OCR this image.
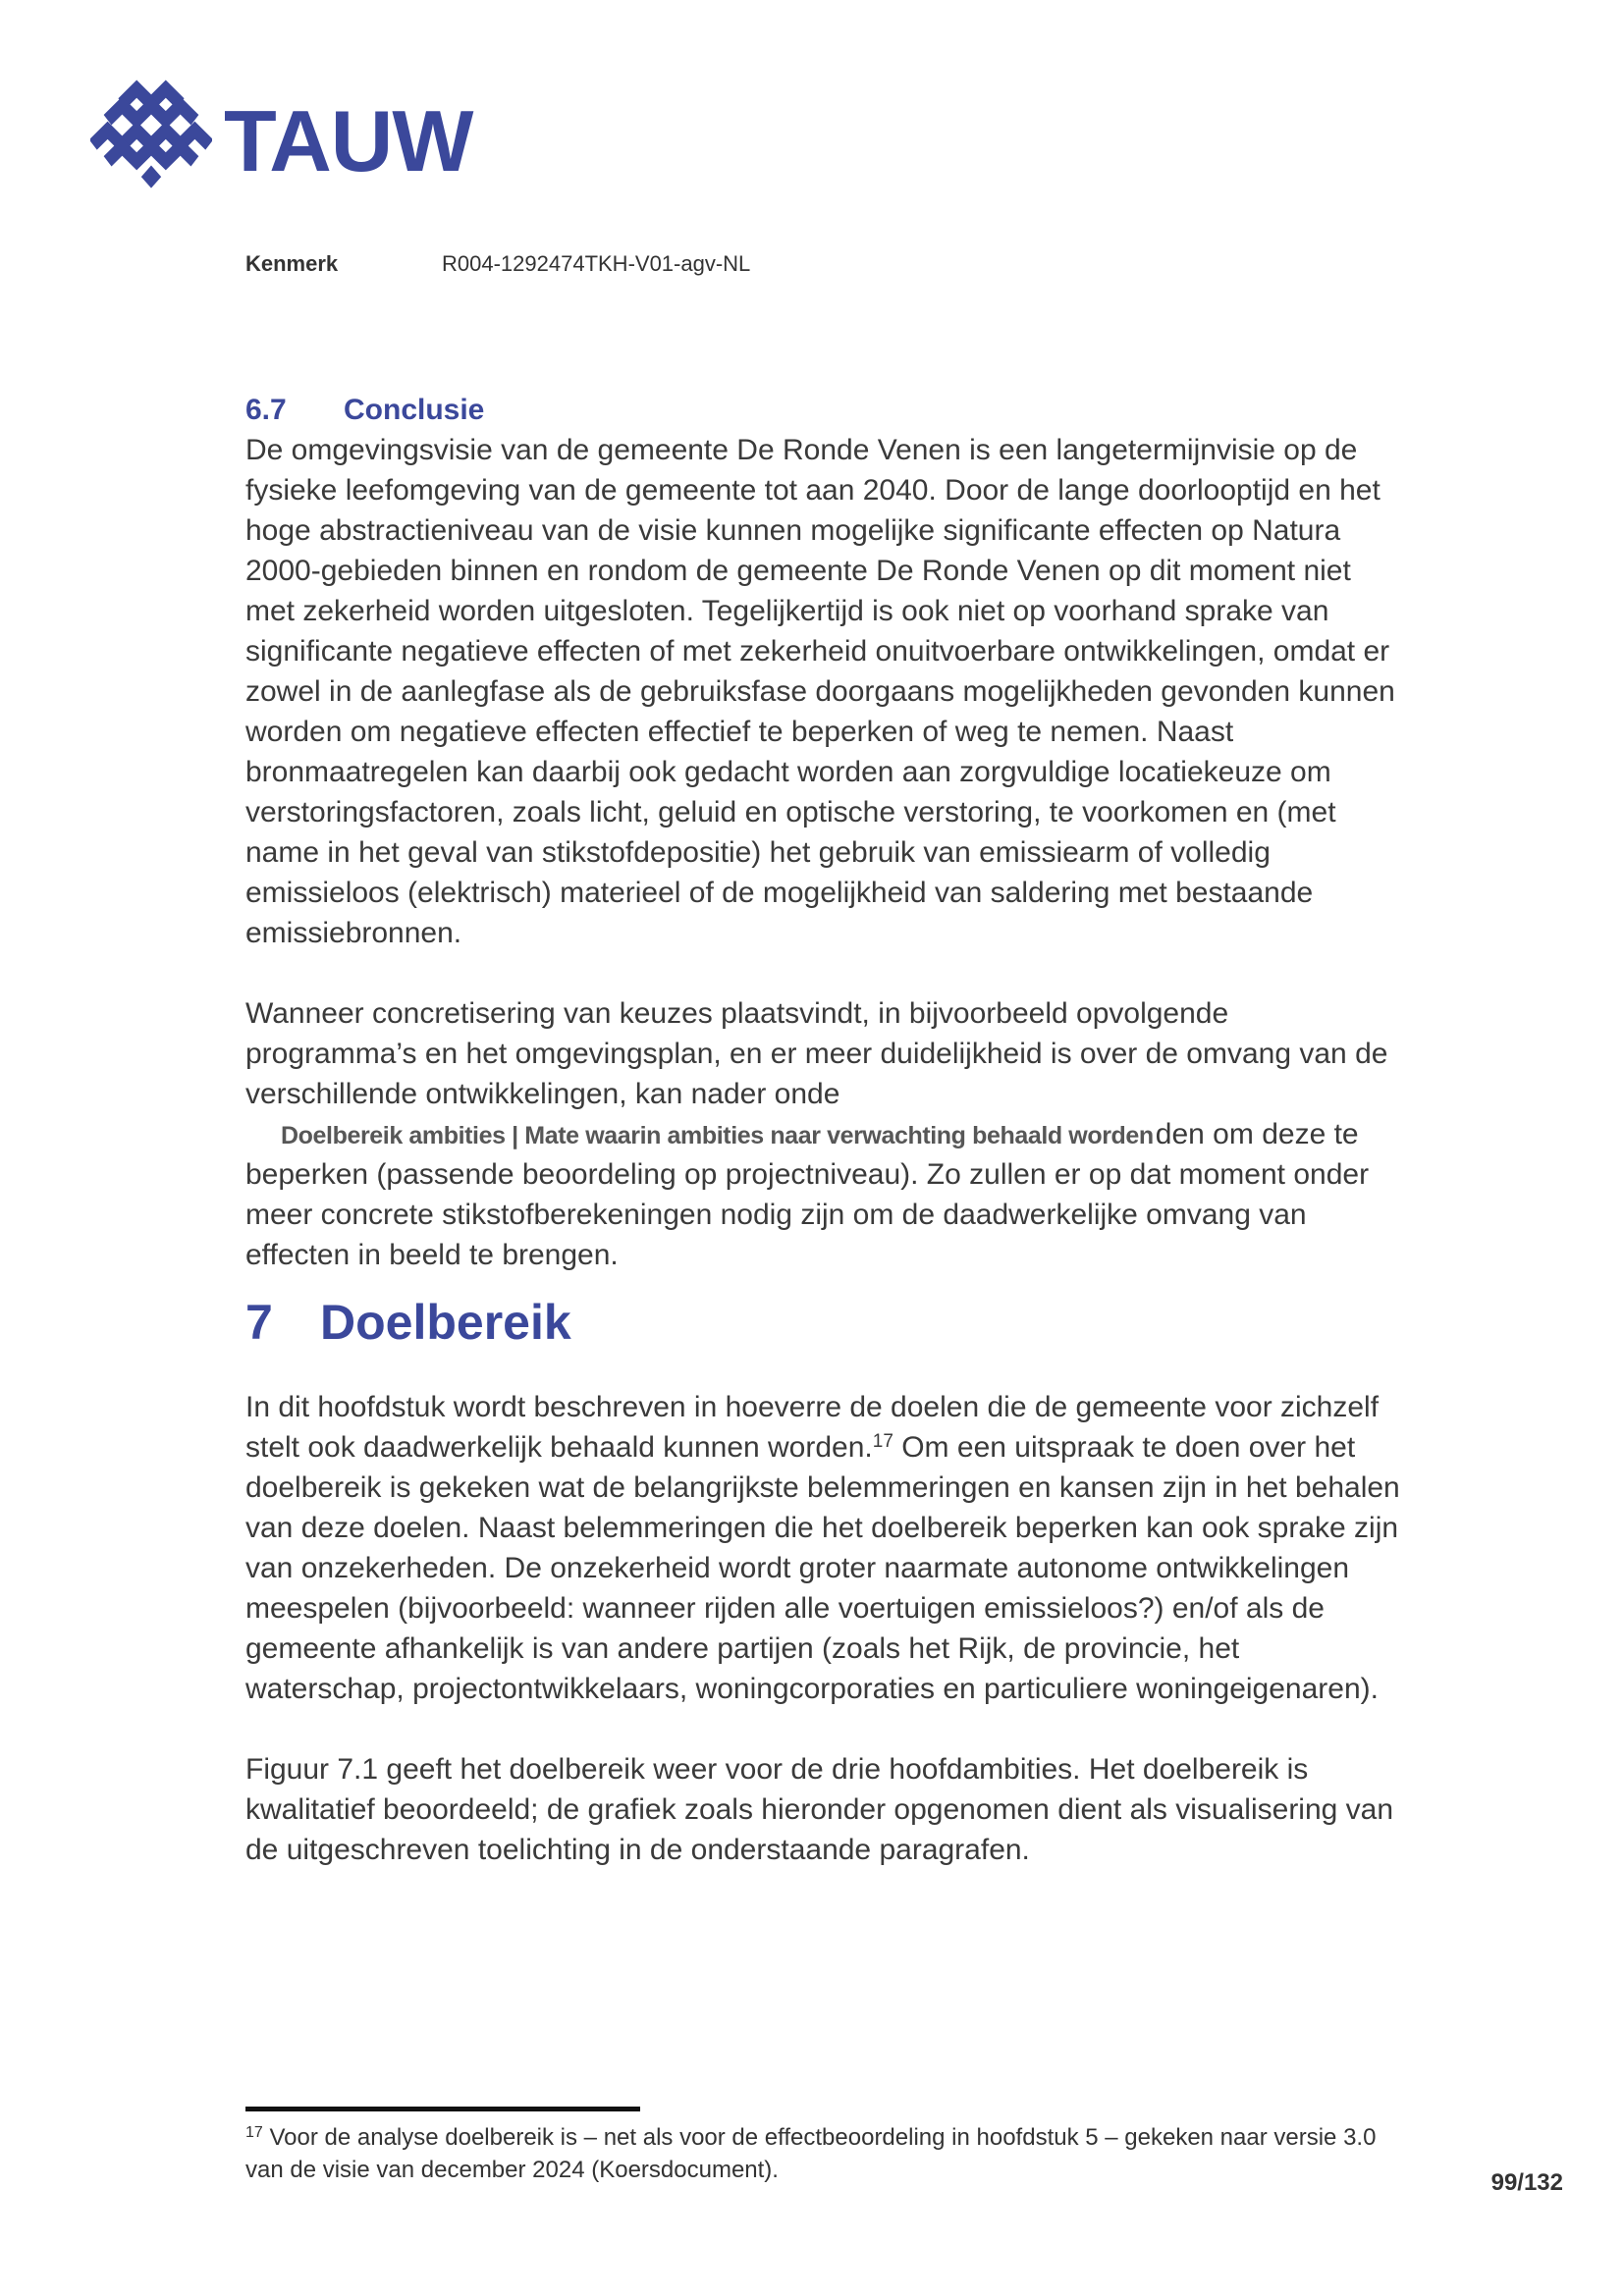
TAUW
Kenmerk	R004-1292474TKH-V01-agv-NL
6.7	Conclusie

De omgevingsvisie van de gemeente De Ronde Venen is een langetermijnvisie op de fysieke leefomgeving van de gemeente tot aan 2040. Door de lange doorlooptijd en het hoge abstractieniveau van de visie kunnen mogelijke significante effecten op Natura 2000-gebieden binnen en rondom de gemeente De Ronde Venen op dit moment niet met zekerheid worden uitgesloten. Tegelijkertijd is ook niet op voorhand sprake van significante negatieve effecten of met zekerheid onuitvoerbare ontwikkelingen, omdat er zowel in de aanlegfase als de gebruiksfase doorgaans mogelijkheden gevonden kunnen worden om negatieve effecten effectief te beperken of weg te nemen. Naast bronmaatregelen kan daarbij ook gedacht worden aan zorgvuldige locatiekeuze om verstoringsfactoren, zoals licht, geluid en optische verstoring, te voorkomen en (met name in het geval van stikstofdepositie) het gebruik van emissiearm of volledig emissieloos (elektrisch) materieel of de mogelijkheid van saldering met bestaande emissiebronnen.

Wanneer concretisering van keuzes plaatsvindt, in bijvoorbeeld opvolgende programma’s en het omgevingsplan, en er meer duidelijkheid is over de omvang van de verschillende ontwikkelingen, kan nader ondeDoelbereik ambities | Mate waarin ambities naar verwachting behaald wordenden om deze te beperken (passende beoordeling op projectniveau). Zo zullen er op dat moment onder meer concrete stikstofberekeningen nodig zijn om de daadwerkelijke omvang van effecten in beeld te brengen.

7 Doelbereik

In dit hoofdstuk wordt beschreven in hoeverre de doelen die de gemeente voor zichzelf stelt ook daadwerkelijk behaald kunnen worden.$^{17}$ Om een uitspraak te doen over het doelbereik is gekeken wat de belangrijkste belemmeringen en kansen zijn in het behalen van deze doelen. Naast belemmeringen die het doelbereik beperken kan ook sprake zijn van onzekerheden. De onzekerheid wordt groter naarmate autonome ontwikkelingen meespelen (bijvoorbeeld: wanneer rijden alle voertuigen emissieloos?) en/of als de gemeente afhankelijk is van andere partijen (zoals het Rijk, de provincie, het waterschap, projectontwikkelaars, woningcorporaties en particuliere woningeigenaren).

Figuur 7.1 geeft het doelbereik weer voor de drie hoofdambities. Het doelbereik is kwalitatief beoordeeld; de grafiek zoals hieronder opgenomen dient als visualisering van de uitgeschreven toelichting in de onderstaande paragrafen.

$^{17}$ Voor de analyse doelbereik is – net als voor de effectbeoordeling in hoofdstuk 5 – gekeken naar versie 3.0 van de visie van december 2024 (Koersdocument).	99/132
